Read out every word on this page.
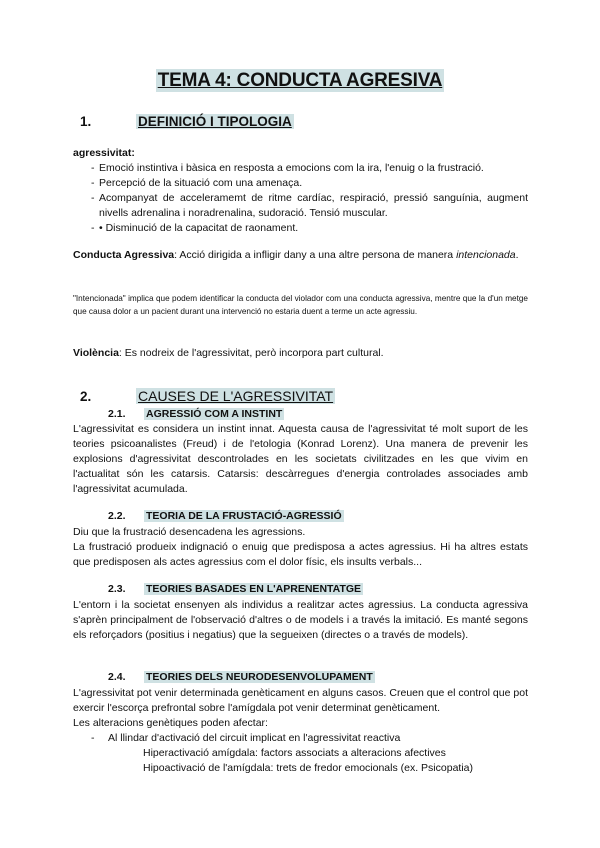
TEMA 4: CONDUCTA AGRESIVA
1.	DEFINICIÓ I TIPOLOGIA
agressivitat:
- Emoció instintiva i bàsica en resposta a emocions com la ira, l'enuig o la frustració.
- Percepció de la situació com una amenaça.
- Acompanyat de acceleramemt de ritme cardíac, respiració, pressió sanguínia, augment nivells adrenalina i noradrenalina, sudoració. Tensió muscular.
- • Disminució de la capacitat de raonament.
Conducta Agressiva: Acció dirigida a infligir dany a una altre persona de manera intencionada.
"Intencionada" implica que podem identificar la conducta del violador com una conducta agressiva, mentre que la d'un metge que causa dolor a un pacient durant una intervenció no estaria duent a terme un acte agressiu.
Violència: Es nodreix de l'agressivitat, però incorpora part cultural.
2.	CAUSES DE L'AGRESSIVITAT
2.1.	AGRESSIÓ COM A INSTINT
L'agressivitat es considera un instint innat. Aquesta causa de l'agressivitat té molt suport de les teories psicoanalistes (Freud) i de l'etologia (Konrad Lorenz). Una manera de prevenir les explosions d'agressivitat descontrolades en les societats civilitzades en les que vivim en l'actualitat són les catarsis. Catarsis: descàrregues d'energia controlades associades amb l'agressivitat acumulada.
2.2.	TEORIA DE LA FRUSTACIÓ-AGRESSIÓ
Diu que la frustració desencadena les agressions.
La frustració produeix indignació o enuig que predisposa a actes agressius. Hi ha altres estats que predisposen als actes agressius com el dolor físic, els insults verbals...
2.3.	TEORIES BASADES EN L'APRENENTATGE
L'entorn i la societat ensenyen als individus a realitzar actes agressius. La conducta agressiva s'aprèn principalment de l'observació d'altres o de models i a través la imitació. Es manté segons els reforçadors (positius i negatius) que la segueixen (directes o a través de models).
2.4.	TEORIES DELS NEURODESENVOLUPAMENT
L'agressivitat pot venir determinada genèticament en alguns casos. Creuen que el control que pot exercir l'escorça prefrontal sobre l'amígdala pot venir determinat genèticament.
Les alteracions genètiques poden afectar:
- Al llindar d'activació del circuit implicat en l'agressivitat reactiva
Hiperactivació amígdala: factors associats a alteracions afectives
Hipoactivació de l'amígdala: trets de fredor emocionals (ex. Psicopatia)
